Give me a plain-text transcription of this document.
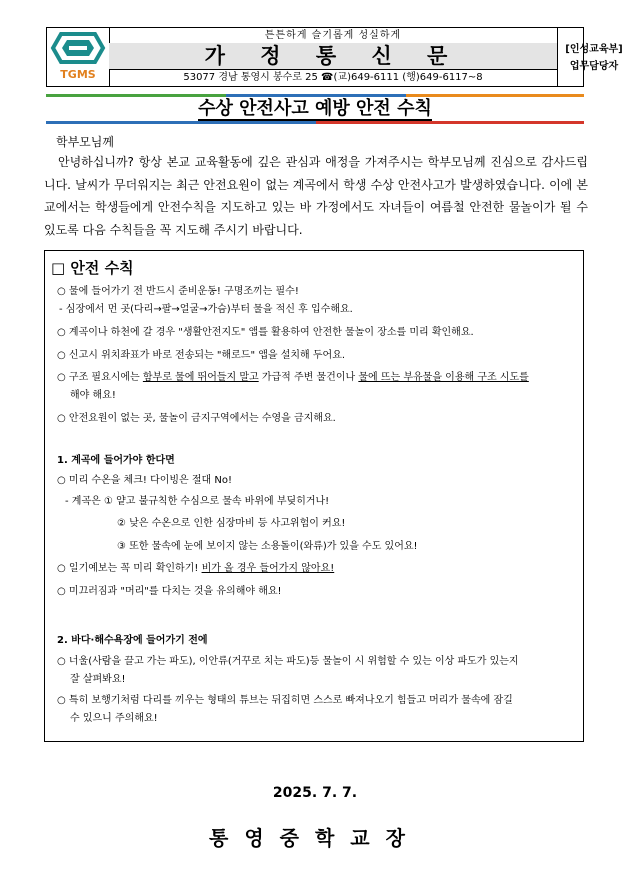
TGMS
튼튼하게 슬기롭게 성실하게
가 정 통 신 문
53077 경남 통영시 봉수로 25 ☎(교)649-6111 (행)649-6117~8
[인성교육부]
업무담당자
수상 안전사고 예방 안전 수칙
학부모님께
안녕하십니까? 항상 본교 교육활동에 깊은 관심과 애정을 가져주시는 학부모님께 진심으로 감사드립니다. 날씨가 무더워지는 최근 안전요원이 없는 계곡에서 학생 수상 안전사고가 발생하였습니다. 이에 본교에서는 학생들에게 안전수칙을 지도하고 있는 바 가정에서도 자녀들이 여름철 안전한 물놀이가 될 수 있도록 다음 수칙들을 꼭 지도해 주시기 바랍니다.
□ 안전 수칙
○ 물에 들어가기 전 반드시 준비운동! 구명조끼는 필수!
- 심장에서 먼 곳(다리→팔→얼굴→가슴)부터 물을 적신 후 입수해요.
○ 계곡이나 하천에 갈 경우 "생활안전지도" 앱를 활용하여 안전한 물놀이 장소를 미리 확인해요.
○ 신고시 위치좌표가 바로 전송되는 "해로드" 앱을 설치해 두어요.
○ 구조 필요시에는 함부로 물에 뛰어들지 말고 가급적 주변 물건이나 물에 뜨는 부유물을 이용해 구조 시도를
해야 해요!
○ 안전요원이 없는 곳, 물놀이 금지구역에서는 수영을 금지해요.
1. 계곡에 들어가야 한다면
○ 미리 수온을 체크! 다이빙은 절대 No!
- 계곡은 ① 얕고 불규칙한 수심으로 물속 바위에 부딪히거나!
② 낮은 수온으로 인한 심장마비 등 사고위험이 커요!
③ 또한 물속에 눈에 보이지 않는 소용돌이(와류)가 있을 수도 있어요!
○ 일기예보는 꼭 미리 확인하기! 비가 올 경우 들어가지 않아요!
○ 미끄러짐과 "머리"를 다치는 것을 유의해야 해요!
2. 바다·해수욕장에 들어가기 전에
○ 너울(사람을 끌고 가는 파도), 이안류(거꾸로 치는 파도)등 물놀이 시 위험할 수 있는 이상 파도가 있는지
잘 살펴봐요!
○ 특히 보행기처럼 다리를 끼우는 형태의 튜브는 뒤집히면 스스로 빠져나오기 힘들고 머리가 물속에 잠길
수 있으니 주의해요!
2025. 7. 7.
통영중학교장
